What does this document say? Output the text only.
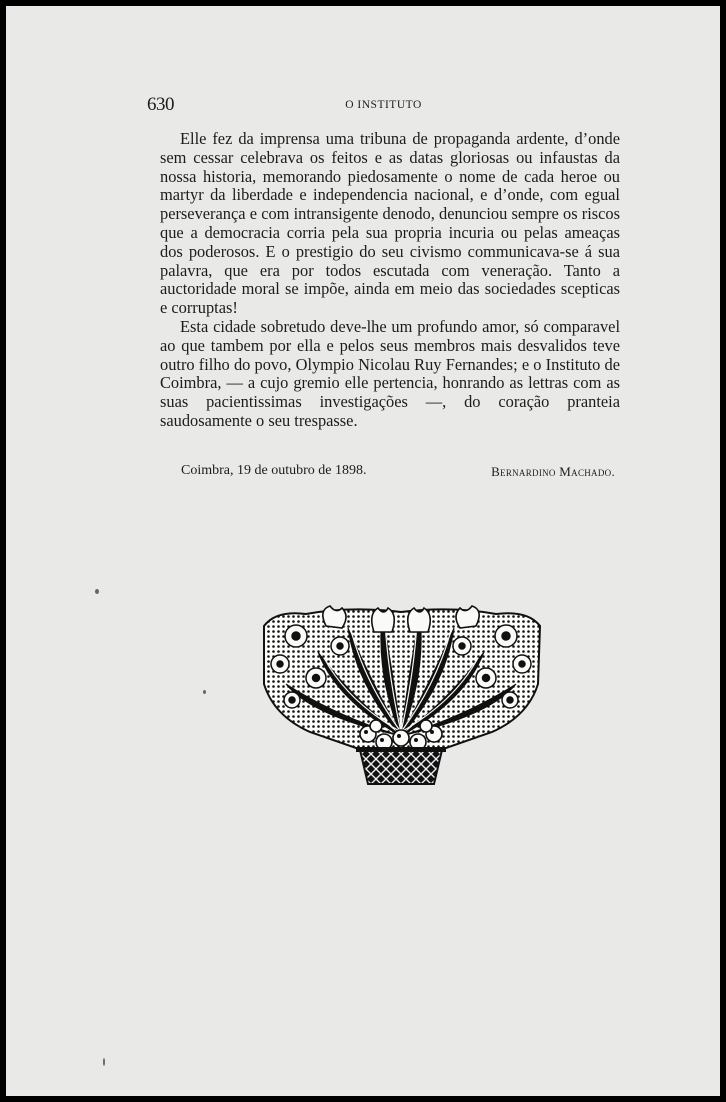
630	O INSTITUTO

Elle fez da imprensa uma tribuna de propaganda ardente, d’onde sem cessar celebrava os feitos e as datas gloriosas ou infaustas da nossa historia, memorando piedosamente o nome de cada heroe ou martyr da liberdade e independencia nacional, e d’onde, com egual perseverança e com intransigente denodo, denunciou sempre os riscos que a democracia corria pela sua propria incuria ou pelas ameaças dos poderosos. E o prestigio do seu civismo communicava-se á sua palavra, que era por todos escutada com veneração. Tanto a auctoridade moral se impõe, ainda em meio das sociedades scepticas e corruptas!

Esta cidade sobretudo deve-lhe um profundo amor, só comparavel ao que tambem por ella e pelos seus membros mais desvalidos teve outro filho do povo, Olympio Nicolau Ruy Fernandes; e o Instituto de Coimbra, — a cujo gremio elle pertencia, honrando as lettras com as suas pacientissimas investigações —, do coração pranteia saudosamente o seu trespasse.

Coimbra, 19 de outubro de 1898.	Bernardino Machado.
